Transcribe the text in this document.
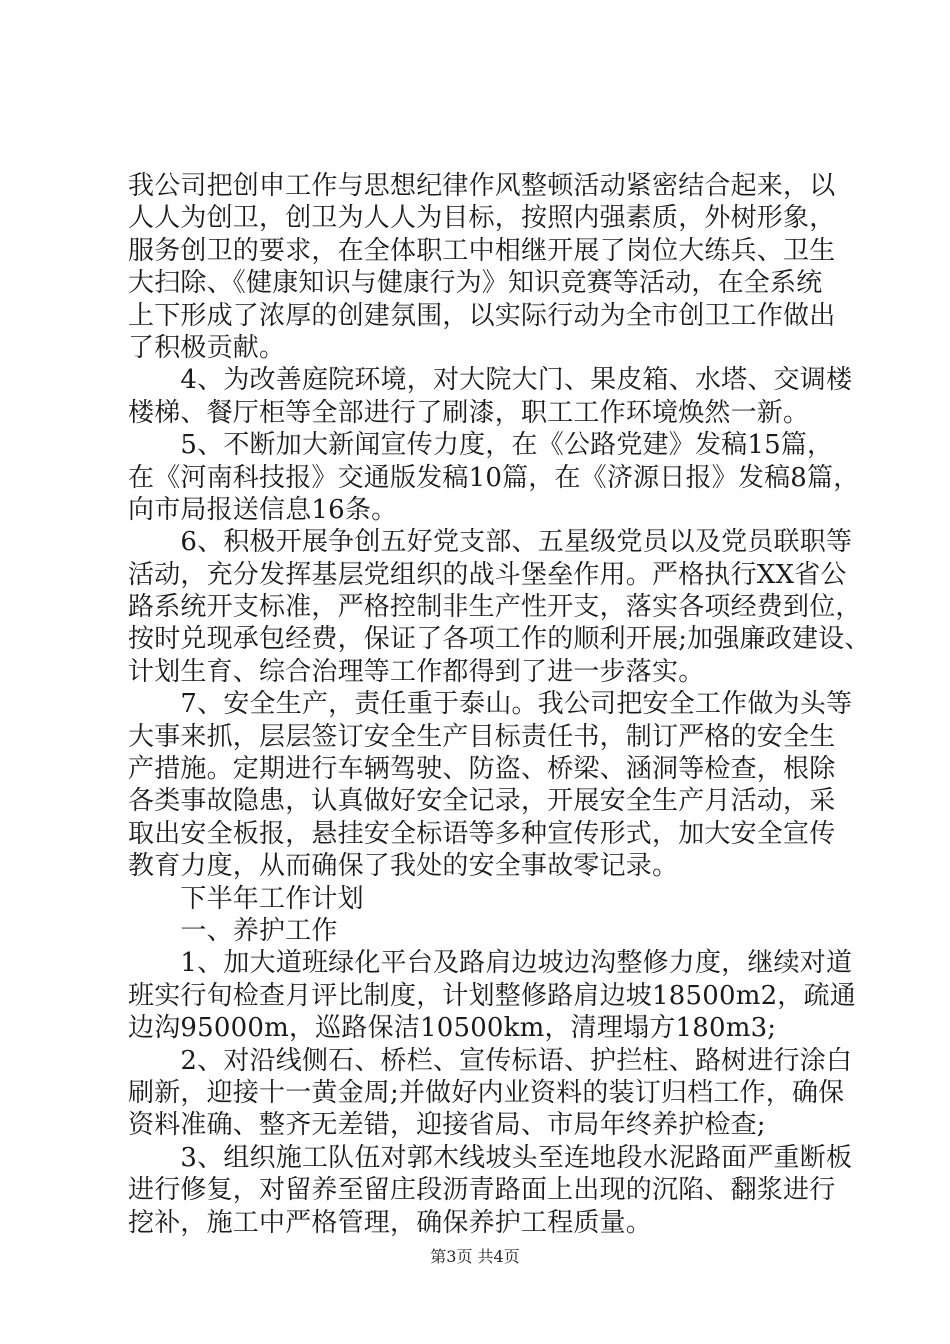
我公司把创申工作与思想纪律作风整顿活动紧密结合起来，以
人人为创卫，创卫为人人为目标，按照内强素质，外树形象，
服务创卫的要求，在全体职工中相继开展了岗位大练兵、卫生
大扫除、《健康知识与健康行为》知识竞赛等活动，在全系统
上下形成了浓厚的创建氛围，以实际行动为全市创卫工作做出
了积极贡献。
　　4、为改善庭院环境，对大院大门、果皮箱、水塔、交调楼
楼梯、餐厅柜等全部进行了刷漆，职工工作环境焕然一新。
　　5、不断加大新闻宣传力度，在《公路党建》发稿15篇，
在《河南科技报》交通版发稿10篇，在《济源日报》发稿8篇，
向市局报送信息16条。
　　6、积极开展争创五好党支部、五星级党员以及党员联职等
活动，充分发挥基层党组织的战斗堡垒作用。严格执行XX省公
路系统开支标准，严格控制非生产性开支，落实各项经费到位，
按时兑现承包经费，保证了各项工作的顺利开展;加强廉政建设、
计划生育、综合治理等工作都得到了进一步落实。
　　7、安全生产，责任重于泰山。我公司把安全工作做为头等
大事来抓，层层签订安全生产目标责任书，制订严格的安全生
产措施。定期进行车辆驾驶、防盗、桥梁、涵洞等检查，根除
各类事故隐患，认真做好安全记录，开展安全生产月活动，采
取出安全板报，悬挂安全标语等多种宣传形式，加大安全宣传
教育力度，从而确保了我处的安全事故零记录。
　　下半年工作计划
　　一、养护工作
　　1、加大道班绿化平台及路肩边坡边沟整修力度，继续对道
班实行旬检查月评比制度，计划整修路肩边坡18500m2，疏通
边沟95000m，巡路保洁10500km，清理塌方180m3;
　　2、对沿线侧石、桥栏、宣传标语、护拦柱、路树进行涂白
刷新，迎接十一黄金周;并做好内业资料的装订归档工作，确保
资料准确、整齐无差错，迎接省局、市局年终养护检查;
　　3、组织施工队伍对郭木线坡头至连地段水泥路面严重断板
进行修复，对留养至留庄段沥青路面上出现的沉陷、翻浆进行
挖补，施工中严格管理，确保养护工程质量。
第3页 共4页
